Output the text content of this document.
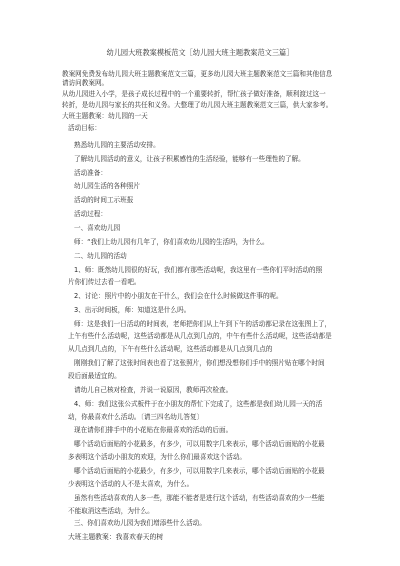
幼儿园大班教案模板范文［幼儿园大班主题教案范文三篇］
教案网免费发布幼儿园大班主题教案范文三篇，更多幼儿园大班主题教案范文三篇和其他信息
请访问教案网。
从幼儿园进入小学，是孩子成长过程中的一个重要转折，帮忙孩子做好准备，顺利渡过这一
转折，是幼儿园与家长的共任和义务。大整理了幼儿园大班主题教案范文三篇，供大家参考。
大班主题教案：幼儿园的一天
活动目标：
熟悉幼儿园的主要活动安排。
了解幼儿园活动的意义，让孩子积累感性的生活经验，能够有一些理性的了解。
活动准备：
幼儿园生活的各种照片
活动的时间工示班报
活动过程：
一、喜欢幼儿园
师：“我们上幼儿园有几年了，你们喜欢幼儿园的生活吗，为什么。
二、幼儿园的活动
1、师：既然幼儿园很的好玩，我们都有那些活动呢，我这里有一些你们平时活动的照
片你们传过去看一看吧。
2、讨论：照片中的小朋友在干什么，我们会在什么时候做这件事的呢。
3、出示时间板，师：知道这是什么吗。
师：这是我们一日活动的时间表，老师把你们从上午到下午的活动都记录在这张图上了，
上午有些什么活动呢，这些活动都是从几点到几点的，中午有些什么活动呢，这些活动都是
从几点到几点的，下午有些什么活动呢，这些活动都是从几点到几点的
刚刚我们了解了这张时间表也看了这张照片，你们想没想你们手中的照片贴在哪个时间
段后面最适宜的。
请幼儿自己核对检查，并说一说原因，教师再次检查。
4、师：我们这张公式板件于在小朋友的帮忙下完成了，这些都是我们幼儿园一天的活
动，你最喜欢什么活动。〔请三四名幼儿答复〕
现在请你们排手中的小花贴在你最喜欢的活动的后面。
哪个活动后面贴的小花最多，有多少，可以用数字几来表示，哪个活动后面贴的小花最
多表明这个活动小朋友的欢迎，为什么你们最喜欢这个活动。
哪个活动后面贴的小花最少，有多少，可以用数字几来表示，哪个活动后面贴的小花最
少表明这个活动的人不是太喜欢，为什么。
虽然有些活动喜欢的人多一些，那能不能者是进行这个活动，有些活动喜欢的少一些能
不能取消这些活动，为什么。
三、你们喜欢幼儿园为我们增添些什么活动。
大班主题教案：我喜欢春天的树
